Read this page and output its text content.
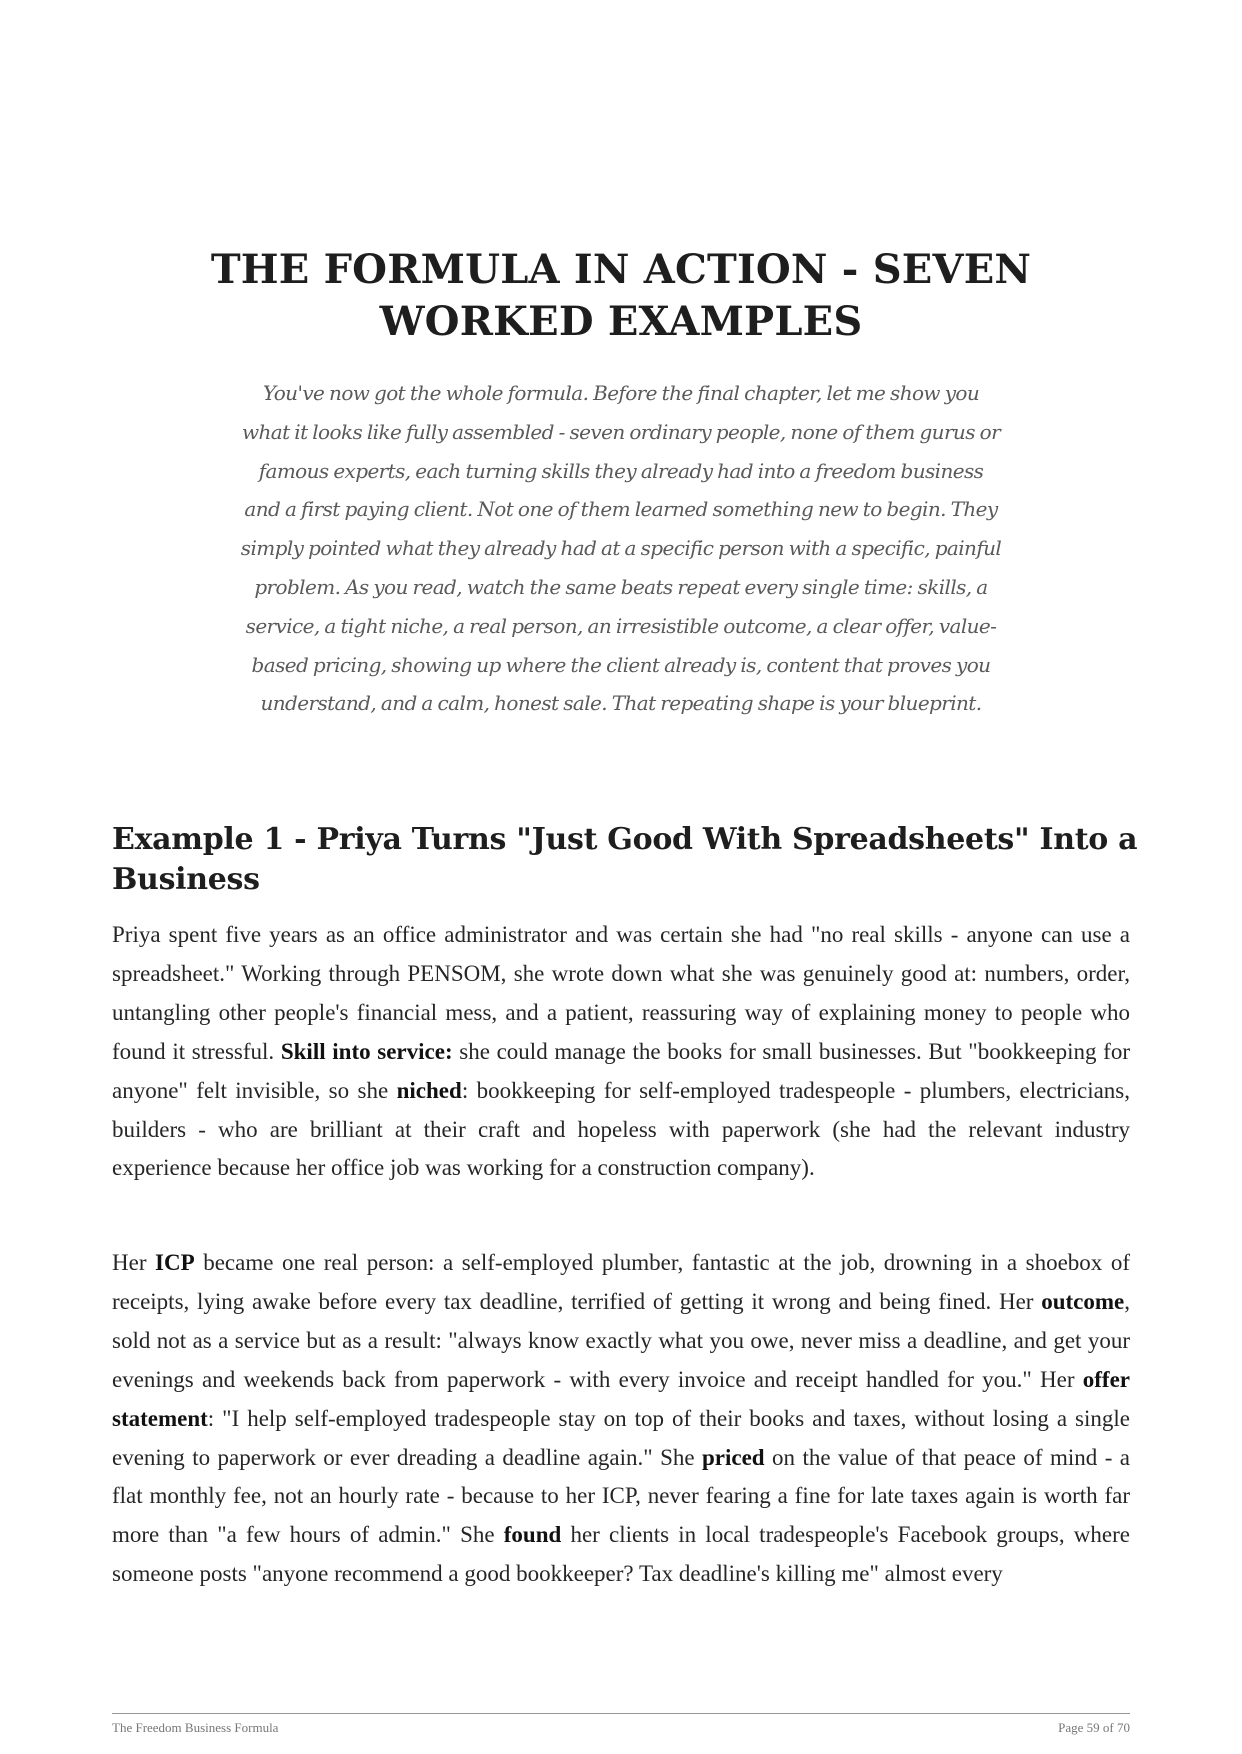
THE FORMULA IN ACTION - SEVEN WORKED EXAMPLES

You've now got the whole formula. Before the final chapter, let me show you what it looks like fully assembled - seven ordinary people, none of them gurus or famous experts, each turning skills they already had into a freedom business and a first paying client. Not one of them learned something new to begin. They simply pointed what they already had at a specific person with a specific, painful problem. As you read, watch the same beats repeat every single time: skills, a service, a tight niche, a real person, an irresistible outcome, a clear offer, value-based pricing, showing up where the client already is, content that proves you understand, and a calm, honest sale. That repeating shape is your blueprint.

Example 1 - Priya Turns "Just Good With Spreadsheets" Into a Business

Priya spent five years as an office administrator and was certain she had "no real skills - anyone can use a spreadsheet." Working through PENSOM, she wrote down what she was genuinely good at: numbers, order, untangling other people's financial mess, and a patient, reassuring way of explaining money to people who found it stressful. Skill into service: she could manage the books for small businesses. But "bookkeeping for anyone" felt invisible, so she niched: bookkeeping for self-employed tradespeople - plumbers, electricians, builders - who are brilliant at their craft and hopeless with paperwork (she had the relevant industry experience because her office job was working for a construction company).

Her ICP became one real person: a self-employed plumber, fantastic at the job, drowning in a shoebox of receipts, lying awake before every tax deadline, terrified of getting it wrong and being fined. Her outcome, sold not as a service but as a result: "always know exactly what you owe, never miss a deadline, and get your evenings and weekends back from paperwork - with every invoice and receipt handled for you." Her offer statement: "I help self-employed tradespeople stay on top of their books and taxes, without losing a single evening to paperwork or ever dreading a deadline again." She priced on the value of that peace of mind - a flat monthly fee, not an hourly rate - because to her ICP, never fearing a fine for late taxes again is worth far more than "a few hours of admin." She found her clients in local tradespeople's Facebook groups, where someone posts "anyone recommend a good bookkeeper? Tax deadline's killing me" almost every

The Freedom Business Formula	Page 59 of 70
